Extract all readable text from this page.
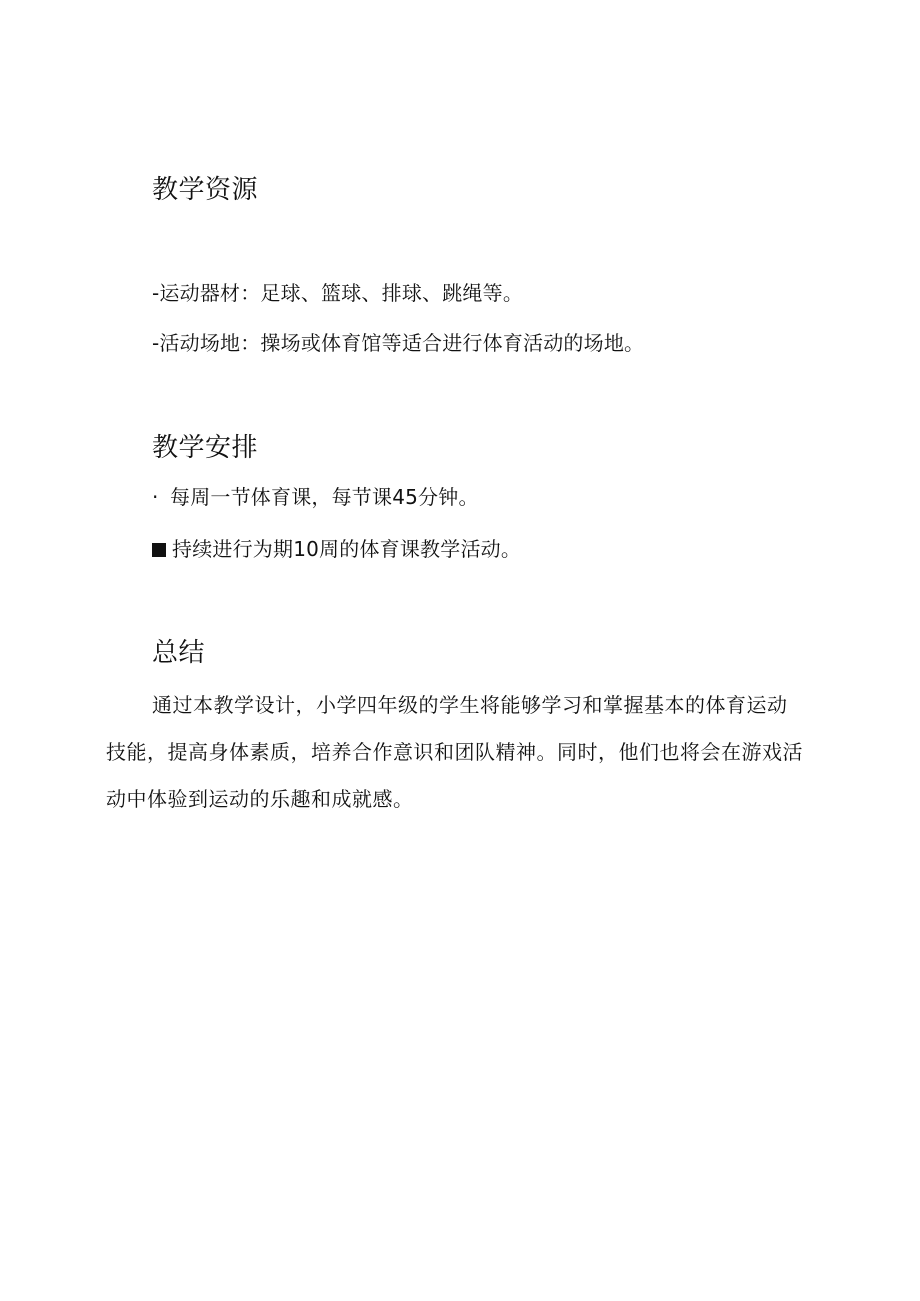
教学资源
-运动器材：足球、篮球、排球、跳绳等。
-活动场地：操场或体育馆等适合进行体育活动的场地。
教学安排
· 每周一节体育课，每节课45分钟。
持续进行为期10周的体育课教学活动。
总结

通过本教学设计，小学四年级的学生将能够学习和掌握基本的体育运动技能，提高身体素质，培养合作意识和团队精神。同时，他们也将会在游戏活动中体验到运动的乐趣和成就感。
